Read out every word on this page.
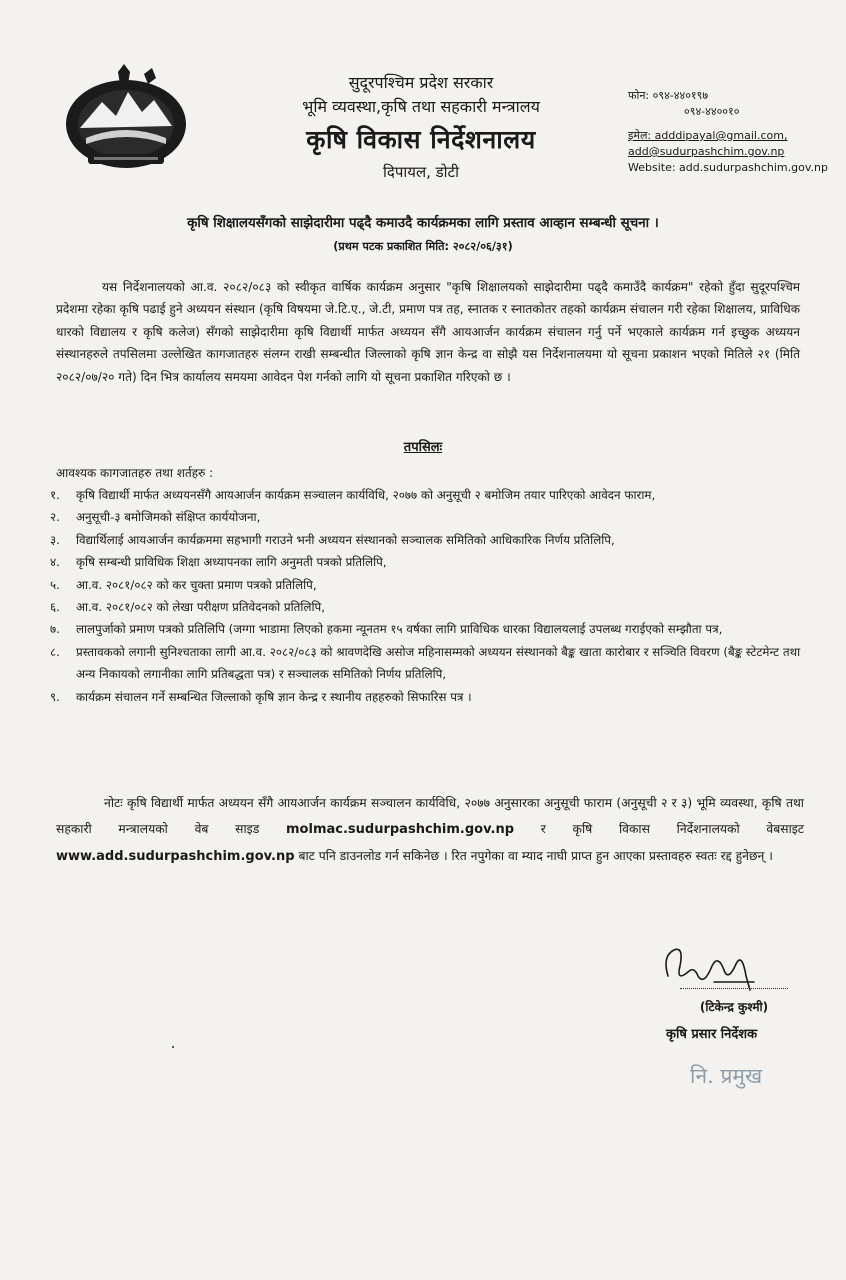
सुदूरपश्चिम प्रदेश सरकार
भूमि व्यवस्था,कृषि तथा सहकारी मन्त्रालय
कृषि विकास निर्देशनालय
दिपायल, डोटी
फोन: ०९४-४४०१९७
०९४-४४००१०
इमेल: adddipayal@gmail.com,
add@sudurpashchim.gov.np
Website: add.sudurpashchim.gov.np
कृषि शिक्षालयसँगको साझेदारीमा पढ्दै कमाउदै कार्यक्रमका लागि प्रस्ताव आव्हान सम्बन्धी सूचना ।
(प्रथम पटक प्रकाशित मिति: २०८२/०६/३१)
यस निर्देशनालयको आ.व. २०८२/०८३ को स्वीकृत वार्षिक कार्यक्रम अनुसार "कृषि शिक्षालयको साझेदारीमा पढ्दै कमाउँदै कार्यक्रम" रहेको हुँदा सुदूरपश्चिम प्रदेशमा रहेका कृषि पढाई हुने अध्ययन संस्थान (कृषि विषयमा जे.टि.ए., जे.टी, प्रमाण पत्र तह, स्नातक र स्नातकोतर तहको कार्यक्रम संचालन गरी रहेका शिक्षालय, प्राविधिक धारको विद्यालय र कृषि कलेज) सँगको साझेदारीमा कृषि विद्यार्थी मार्फत अध्ययन सँगै आयआर्जन कार्यक्रम संचालन गर्नु पर्ने भएकाले कार्यक्रम गर्न इच्छुक अध्ययन संस्थानहरुले तपसिलमा उल्लेखित कागजातहरु संलग्न राखी सम्बन्धीत जिल्लाको कृषि ज्ञान केन्द्र वा सोझै यस निर्देशनालयमा यो सूचना प्रकाशन भएको मितिले २१ (मिति २०८२/०७/२० गते) दिन भित्र कार्यालय समयमा आवेदन पेश गर्नको लागि यो सूचना प्रकाशित गरिएको छ ।
तपसिलः
आवश्यक कागजातहरु तथा शर्तहरु :
१.	कृषि विद्यार्थी मार्फत अध्ययनसँगै आयआर्जन कार्यक्रम सञ्चालन कार्यविधि, २०७७ को अनुसूची २ बमोजिम तयार पारिएको आवेदन फाराम,
२.	अनुसूची-३ बमोजिमको संक्षिप्त कार्ययोजना,
३.	विद्यार्थिलाई आयआर्जन कार्यक्रममा सहभागी गराउने भनी अध्ययन संस्थानको सञ्चालक समितिको आधिकारिक निर्णय प्रतिलिपि,
४.	कृषि सम्बन्धी प्राविधिक शिक्षा अध्यापनका लागि अनुमती पत्रको प्रतिलिपि,
५.	आ.व. २०८१/०८२ को कर चुक्ता प्रमाण पत्रको प्रतिलिपि,
६.	आ.व. २०८१/०८२ को लेखा परीक्षण प्रतिवेदनको प्रतिलिपि,
७.	लालपुर्जाको प्रमाण पत्रको प्रतिलिपि (जग्गा भाडामा लिएको हकमा न्यूनतम १५ वर्षका लागि प्राविधिक धारका विद्यालयलाई उपलब्ध गराईएको सम्झौता पत्र,
८.	प्रस्तावकको लगानी सुनिश्चताका लागी आ.व. २०८२/०८३ को श्रावणदेखि असोज महिनासम्मको अध्ययन संस्थानको बैङ्क खाता कारोबार र सञ्चिति विवरण (बैङ्क स्टेटमेन्ट तथा अन्य निकायको लगानीका लागि प्रतिबद्धता पत्र) र सञ्चालक समितिको निर्णय प्रतिलिपि,
९.	कार्यक्रम संचालन गर्ने सम्बन्धित जिल्लाको कृषि ज्ञान केन्द्र र स्थानीय तहहरुको सिफारिस पत्र ।
नोटः कृषि विद्यार्थी मार्फत अध्ययन सँगै आयआर्जन कार्यक्रम सञ्चालन कार्यविधि, २०७७ अनुसारका अनुसूची फाराम (अनुसूची २ र ३) भूमि व्यवस्था, कृषि तथा सहकारी मन्त्रालयको वेब साइड molmac.sudurpashchim.gov.np र कृषि विकास निर्देशनालयको वेबसाइट www.add.sudurpashchim.gov.np बाट पनि डाउनलोड गर्न सकिनेछ । रित नपुगेका वा म्याद नाघी प्राप्त हुन आएका प्रस्तावहरु स्वतः रद्द हुनेछन् ।
(टिकेन्द्र कुश्मी)
कृषि प्रसार निर्देशक
नि. प्रमुख
